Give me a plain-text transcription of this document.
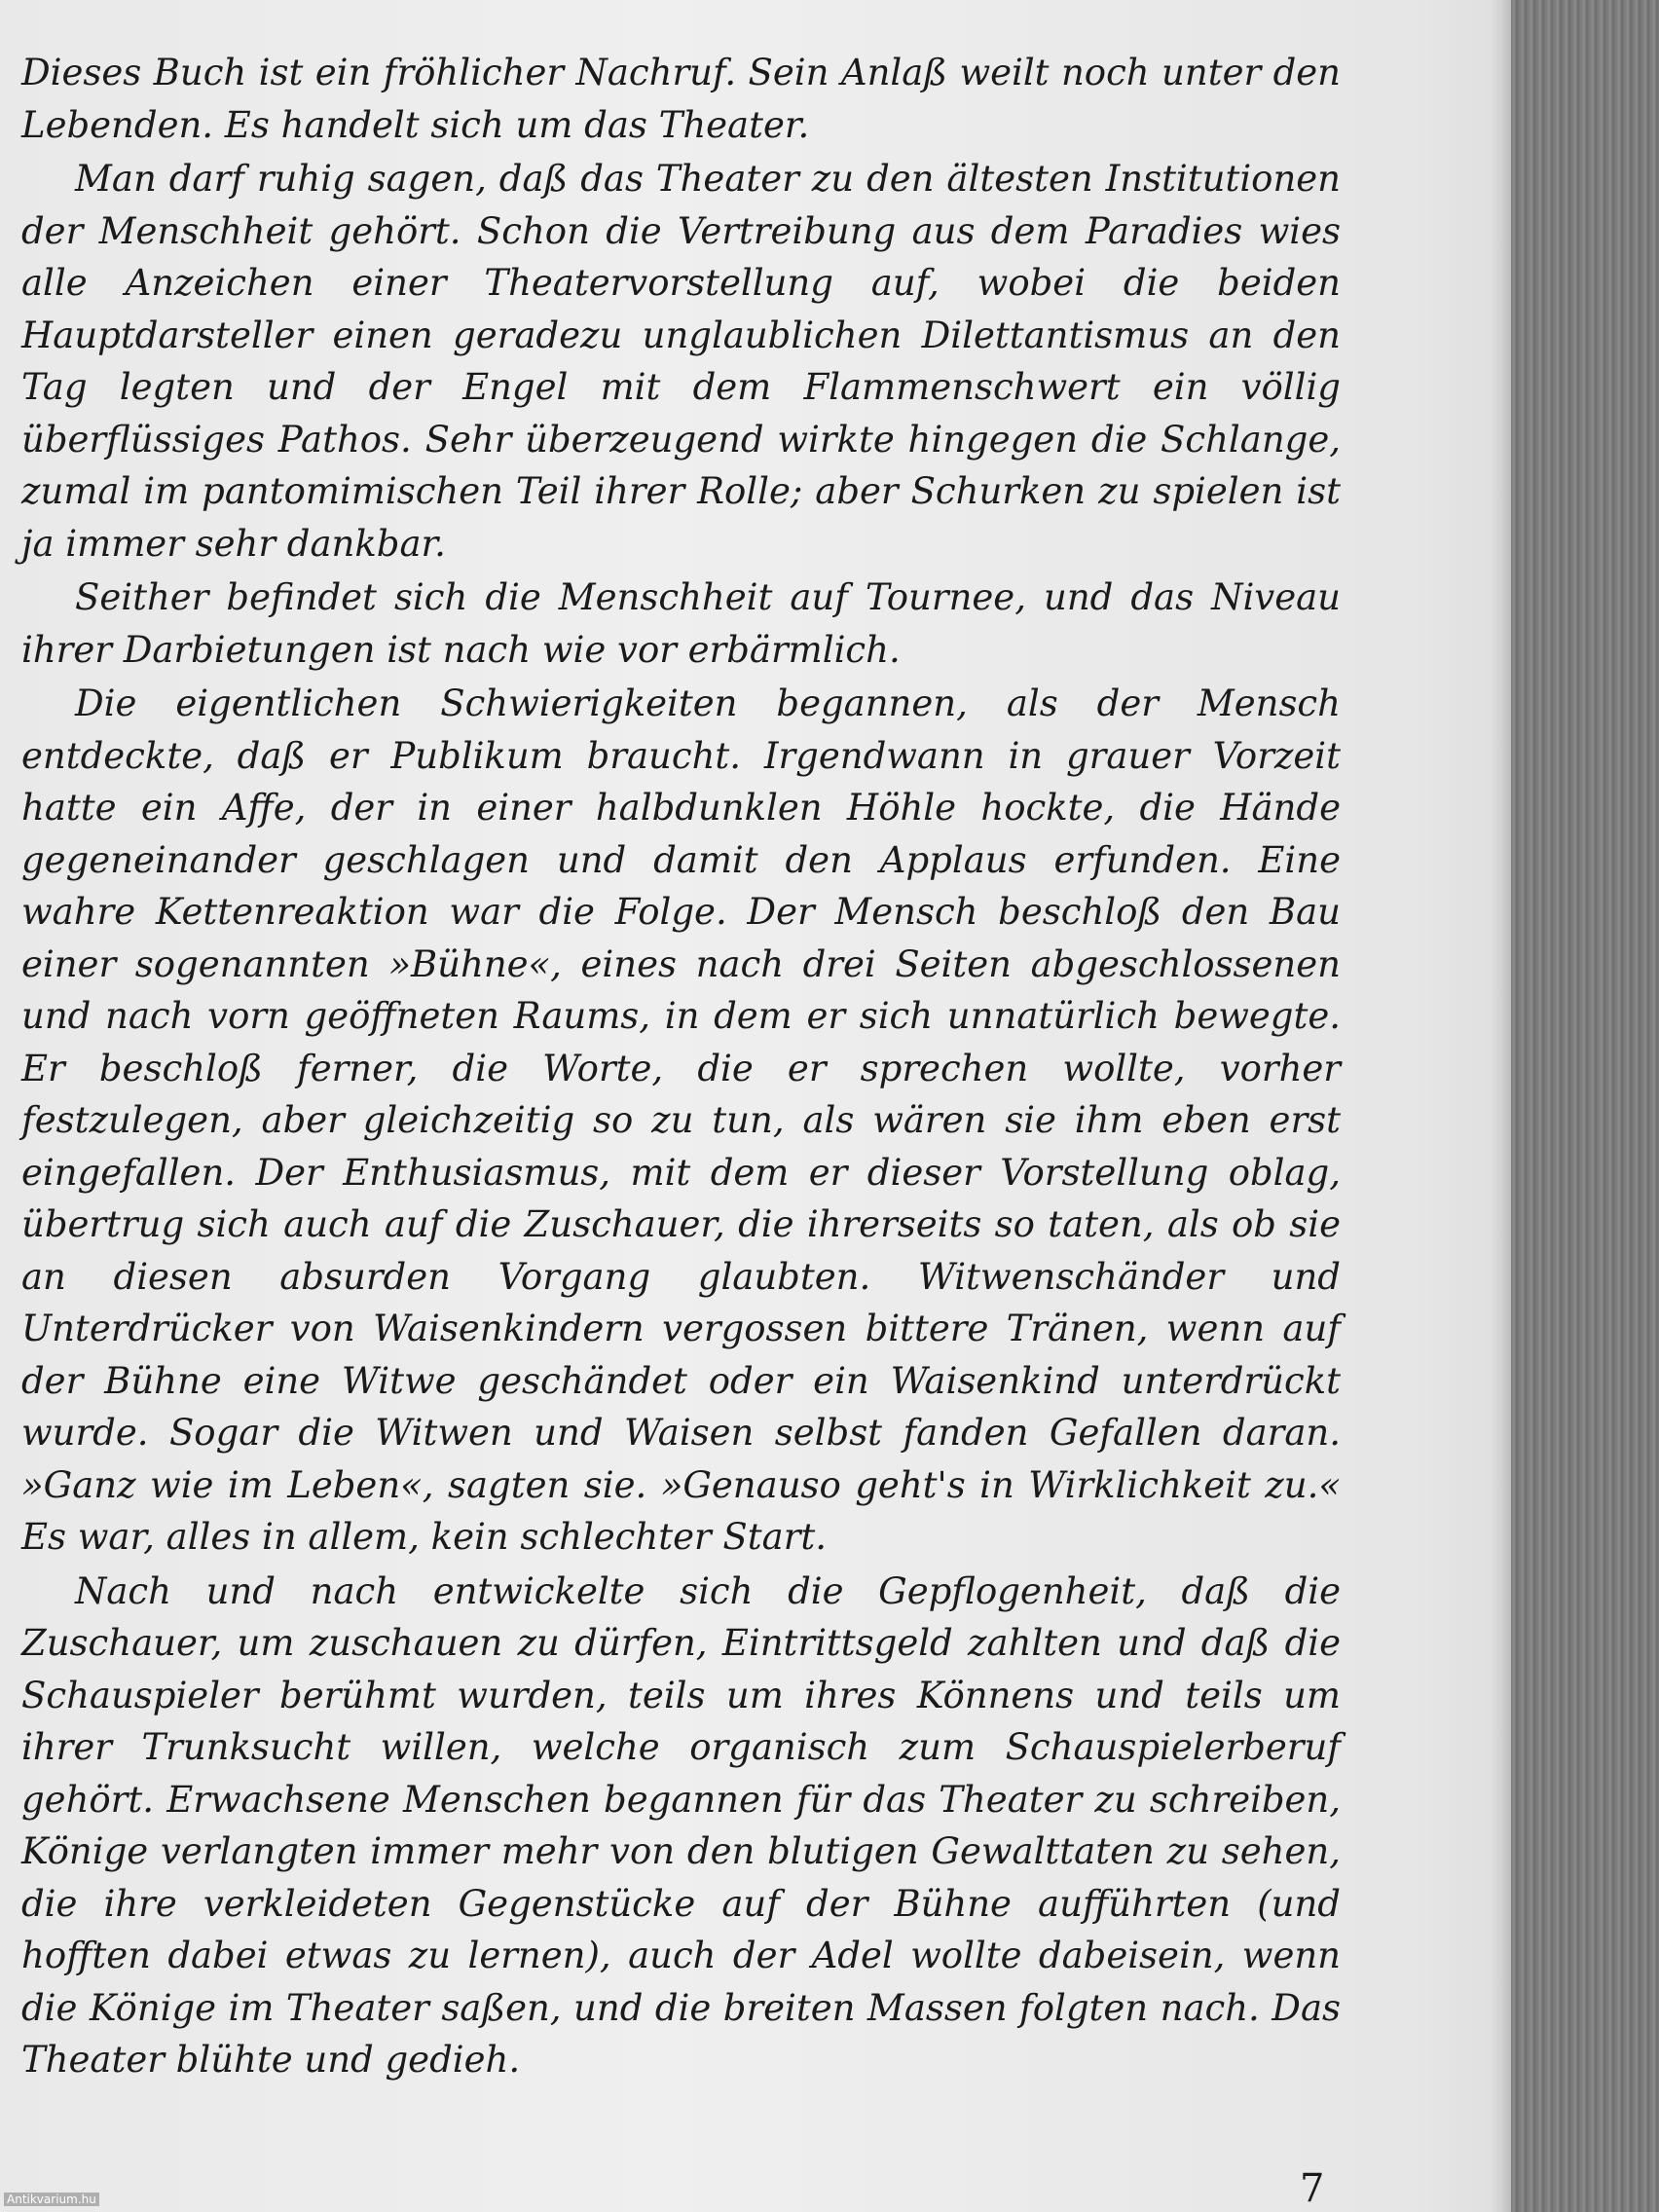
Dieses Buch ist ein fröhlicher Nachruf. Sein Anlaß weilt noch unter den Lebenden. Es handelt sich um das Theater.

Man darf ruhig sagen, daß das Theater zu den ältesten Institutionen der Menschheit gehört. Schon die Vertreibung aus dem Paradies wies alle Anzeichen einer Theatervorstellung auf, wobei die beiden Hauptdarsteller einen geradezu unglaublichen Dilettantismus an den Tag legten und der Engel mit dem Flammenschwert ein völlig überflüssiges Pathos. Sehr überzeugend wirkte hingegen die Schlange, zumal im pantomimischen Teil ihrer Rolle; aber Schurken zu spielen ist ja immer sehr dankbar.

Seither befindet sich die Menschheit auf Tournee, und das Niveau ihrer Darbietungen ist nach wie vor erbärmlich.

Die eigentlichen Schwierigkeiten begannen, als der Mensch entdeckte, daß er Publikum braucht. Irgendwann in grauer Vorzeit hatte ein Affe, der in einer halbdunklen Höhle hockte, die Hände gegeneinander geschlagen und damit den Applaus erfunden. Eine wahre Kettenreaktion war die Folge. Der Mensch beschloß den Bau einer sogenannten »Bühne«, eines nach drei Seiten abgeschlossenen und nach vorn geöffneten Raums, in dem er sich unnatürlich bewegte. Er beschloß ferner, die Worte, die er sprechen wollte, vorher festzulegen, aber gleichzeitig so zu tun, als wären sie ihm eben erst eingefallen. Der Enthusiasmus, mit dem er dieser Vorstellung oblag, übertrug sich auch auf die Zuschauer, die ihrerseits so taten, als ob sie an diesen absurden Vorgang glaubten. Witwenschänder und Unterdrücker von Waisenkindern vergossen bittere Tränen, wenn auf der Bühne eine Witwe geschändet oder ein Waisenkind unterdrückt wurde. Sogar die Witwen und Waisen selbst fanden Gefallen daran. »Ganz wie im Leben«, sagten sie. »Genauso geht's in Wirklichkeit zu.« Es war, alles in allem, kein schlechter Start.

Nach und nach entwickelte sich die Gepflogenheit, daß die Zuschauer, um zuschauen zu dürfen, Eintrittsgeld zahlten und daß die Schauspieler berühmt wurden, teils um ihres Könnens und teils um ihrer Trunksucht willen, welche organisch zum Schauspielerberuf gehört. Erwachsene Menschen begannen für das Theater zu schreiben, Könige verlangten immer mehr von den blutigen Gewalttaten zu sehen, die ihre verkleideten Gegenstücke auf der Bühne aufführten (und hofften dabei etwas zu lernen), auch der Adel wollte dabeisein, wenn die Könige im Theater saßen, und die breiten Massen folgten nach. Das Theater blühte und gedieh.

7
Antikvarium.hu
